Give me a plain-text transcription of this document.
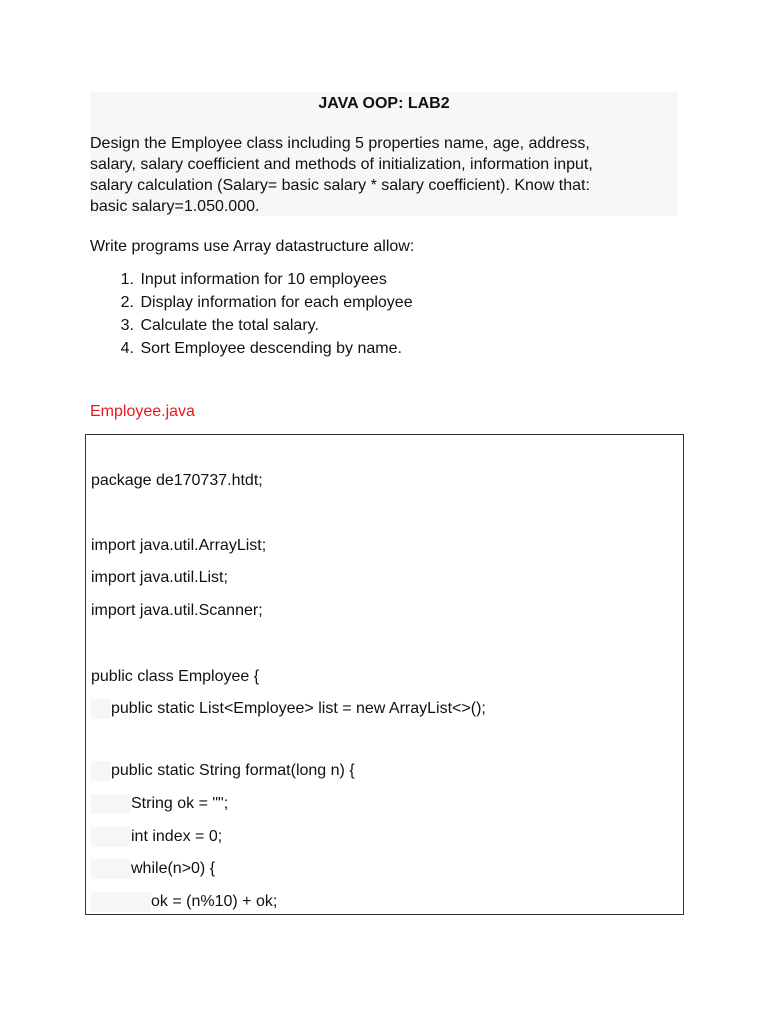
JAVA OOP: LAB2
Design the Employee class including 5 properties name, age, address,
salary, salary coefficient and methods of initialization, information input,
salary calculation (Salary= basic salary * salary coefficient). Know that:
basic salary=1.050.000.
Write programs use Array datastructure allow:
1. Input information for 10 employees
2. Display information for each employee
3. Calculate the total salary.
4. Sort Employee descending by name.
Employee.java
package de170737.htdt;
import java.util.ArrayList;
import java.util.List;
import java.util.Scanner;
public class Employee {
public static List<Employee> list = new ArrayList<>();
public static String format(long n) {
String ok = "";
int index = 0;
while(n>0) {
ok = (n%10) + ok;
